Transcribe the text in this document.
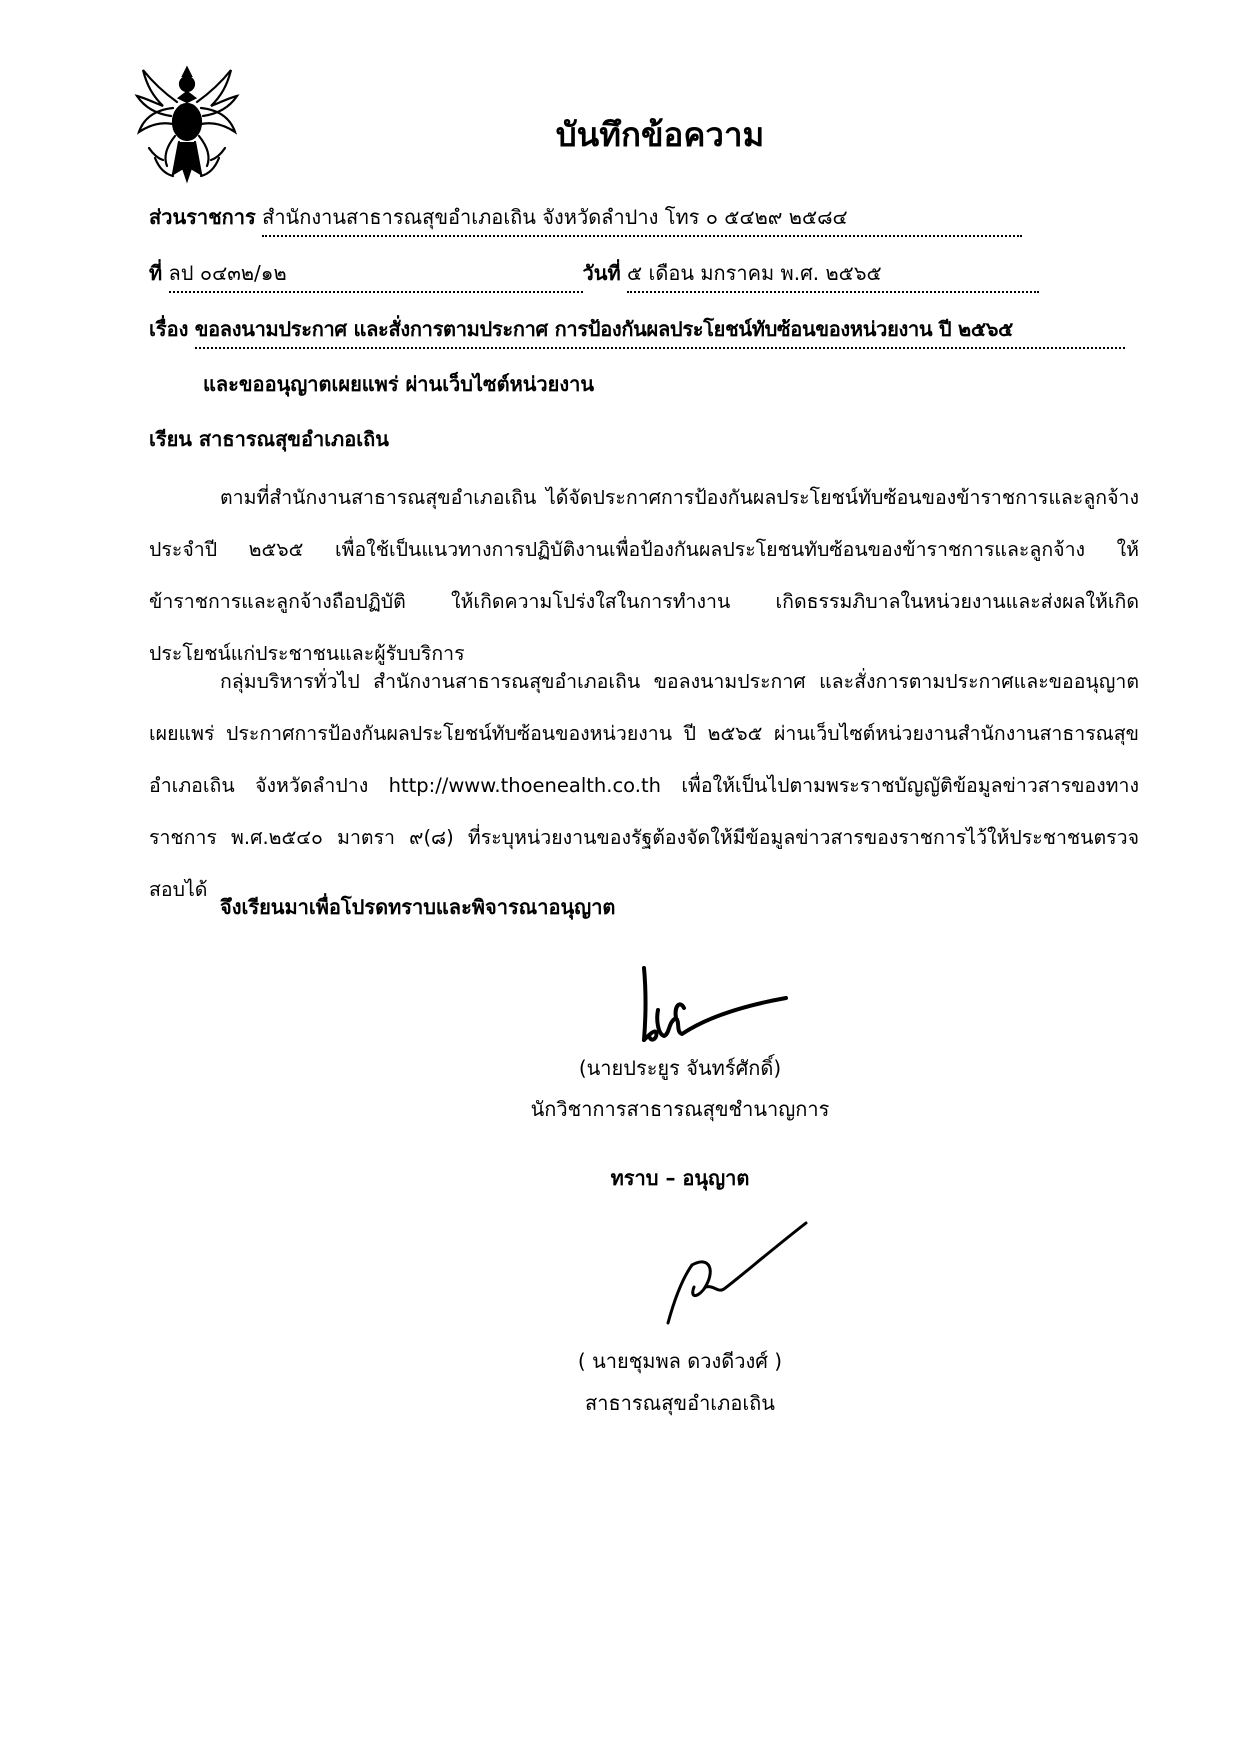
บันทึกข้อความ
ส่วนราชการ สำนักงานสาธารณสุขอำเภอเถิน จังหวัดลำปาง โทร ๐ ๕๔๒๙ ๒๕๘๔
ที่ ลป ๐๔๓๒/๑๒	วันที่ ๕ เดือน มกราคม พ.ศ. ๒๕๖๕
เรื่อง ขอลงนามประกาศ และสั่งการตามประกาศ การป้องกันผลประโยชน์ทับซ้อนของหน่วยงาน ปี ๒๕๖๕
และขออนุญาตเผยแพร่ ผ่านเว็บไซต์หน่วยงาน
เรียน สาธารณสุขอำเภอเถิน

ตามที่สำนักงานสาธารณสุขอำเภอเถิน ได้จัดประกาศการป้องกันผลประโยชน์ทับซ้อนของข้าราชการและลูกจ้างประจำปี ๒๕๖๕ เพื่อใช้เป็นแนวทางการปฏิบัติงานเพื่อป้องกันผลประโยชนทับซ้อนของข้าราชการและลูกจ้าง ให้ข้าราชการและลูกจ้างถือปฏิบัติ ให้เกิดความโปร่งใสในการทำงาน เกิดธรรมภิบาลในหน่วยงานและส่งผลให้เกิดประโยชน์แก่ประชาชนและผู้รับบริการ

กลุ่มบริหารทั่วไป สำนักงานสาธารณสุขอำเภอเถิน ขอลงนามประกาศ และสั่งการตามประกาศและขออนุญาตเผยแพร่ ประกาศการป้องกันผลประโยชน์ทับซ้อนของหน่วยงาน ปี ๒๕๖๕ ผ่านเว็บไซต์หน่วยงานสำนักงานสาธารณสุขอำเภอเถิน จังหวัดลำปาง http://www.thoenealth.co.th เพื่อให้เป็นไปตามพระราชบัญญัติข้อมูลข่าวสารของทางราชการ พ.ศ.๒๕๔๐ มาตรา ๙(๘) ที่ระบุหน่วยงานของรัฐต้องจัดให้มีข้อมูลข่าวสารของราชการไว้ให้ประชาชนตรวจสอบได้

จึงเรียนมาเพื่อโปรดทราบและพิจารณาอนุญาต
(นายประยูร จันทร์ศักดิ์)
นักวิชาการสาธารณสุขชำนาญการ
ทราบ – อนุญาต
( นายชุมพล ดวงดีวงศ์ )
สาธารณสุขอำเภอเถิน
